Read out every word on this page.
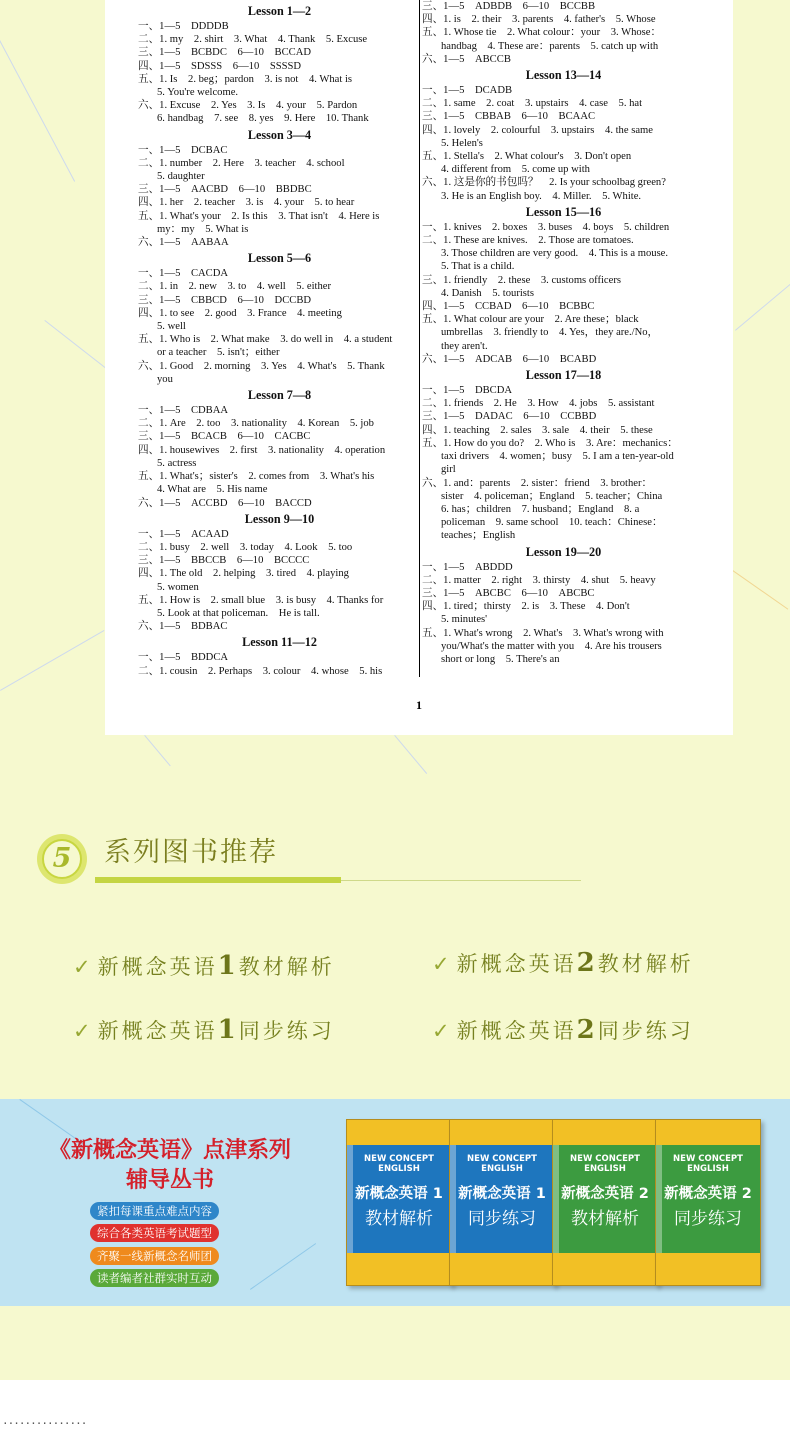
Lesson 1—2
一、1—5　DDDDB
二、1. my　2. shirt　3. What　4. Thank　5. Excuse
三、1—5　BCBDC　6—10　BCCAD
四、1—5　SDSSS　6—10　SSSSD
五、1. Is　2. beg；pardon　3. is not　4. What is
5. You're welcome.
六、1. Excuse　2. Yes　3. Is　4. your　5. Pardon
6. handbag　7. see　8. yes　9. Here　10. Thank
Lesson 3—4
一、1—5　DCBAC
二、1. number　2. Here　3. teacher　4. school
5. daughter
三、1—5　AACBD　6—10　BBDBC
四、1. her　2. teacher　3. is　4. your　5. to hear
五、1. What's your　2. Is this　3. That isn't　4. Here is
my：my　5. What is
六、1—5　AABAA
Lesson 5—6
一、1—5　CACDA
二、1. in　2. new　3. to　4. well　5. either
三、1—5　CBBCD　6—10　DCCBD
四、1. to see　2. good　3. France　4. meeting
5. well
五、1. Who is　2. What make　3. do well in　4. a student
or a teacher　5. isn't；either
六、1. Good　2. morning　3. Yes　4. What's　5. Thank
you
Lesson 7—8
一、1—5　CDBAA
二、1. Are　2. too　3. nationality　4. Korean　5. job
三、1—5　BCACB　6—10　CACBC
四、1. housewives　2. first　3. nationality　4. operation
5. actress
五、1. What's；sister's　2. comes from　3. What's his
4. What are　5. His name
六、1—5　ACCBD　6—10　BACCD
Lesson 9—10
一、1—5　ACAAD
二、1. busy　2. well　3. today　4. Look　5. too
三、1—5　BBCCB　6—10　BCCCC
四、1. The old　2. helping　3. tired　4. playing
5. women
五、1. How is　2. small blue　3. is busy　4. Thanks for
5. Look at that policeman.　He is tall.
六、1—5　BDBAC
Lesson 11—12
一、1—5　BDDCA
二、1. cousin　2. Perhaps　3. colour　4. whose　5. his
三、1—5　ADBDB　6—10　BCCBB
四、1. is　2. their　3. parents　4. father's　5. Whose
五、1. Whose tie　2. What colour：your　3. Whose：
handbag　4. These are：parents　5. catch up with
六、1—5　ABCCB
Lesson 13—14
一、1—5　DCADB
二、1. same　2. coat　3. upstairs　4. case　5. hat
三、1—5　CBBAB　6—10　BCAAC
四、1. lovely　2. colourful　3. upstairs　4. the same
5. Helen's
五、1. Stella's　2. What colour's　3. Don't open
4. different from　5. come up with
六、1. 这是你的书包吗？　2. Is your schoolbag green?
3. He is an English boy.　4. Miller.　5. White.
Lesson 15—16
一、1. knives　2. boxes　3. buses　4. boys　5. children
二、1. These are knives.　2. Those are tomatoes.
3. Those children are very good.　4. This is a mouse.
5. That is a child.
三、1. friendly　2. these　3. customs officers
4. Danish　5. tourists
四、1—5　CCBAD　6—10　BCBBC
五、1. What colour are your　2. Are these；black
umbrellas　3. friendly to　4. Yes，they are./No，
they aren't.
六、1—5　ADCAB　6—10　BCABD
Lesson 17—18
一、1—5　DBCDA
二、1. friends　2. He　3. How　4. jobs　5. assistant
三、1—5　DADAC　6—10　CCBBD
四、1. teaching　2. sales　3. sale　4. their　5. these
五、1. How do you do?　2. Who is　3. Are：mechanics：
taxi drivers　4. women；busy　5. I am a ten-year-old
girl
六、1. and：parents　2. sister：friend　3. brother：
sister　4. policeman；England　5. teacher；China
6. has；children　7. husband；England　8. a
policeman　9. same school　10. teach：Chinese：
teaches；English
Lesson 19—20
一、1—5　ABDDD
二、1. matter　2. right　3. thirsty　4. shut　5. heavy
三、1—5　ABCBC　6—10　ABCBC
四、1. tired；thirsty　2. is　3. These　4. Don't
5. minutes'
五、1. What's wrong　2. What's　3. What's wrong with
you/What's the matter with you　4. Are his trousers
short or long　5. There's an
1
5	系列图书推荐
✓ 新概念英语1教材解析	✓ 新概念英语2教材解析
✓ 新概念英语1同步练习	✓ 新概念英语2同步练习
《新概念英语》点津系列
辅导丛书
紧扣每课重点难点内容
综合各类英语考试题型
齐聚一线新概念名师团
读者编者社群实时互动
NEW CONCEPT ENGLISH
新概念英语 1
教材解析
NEW CONCEPT ENGLISH
新概念英语 1
同步练习
NEW CONCEPT ENGLISH
新概念英语 2
教材解析
NEW CONCEPT ENGLISH
新概念英语 2
同步练习
...............
